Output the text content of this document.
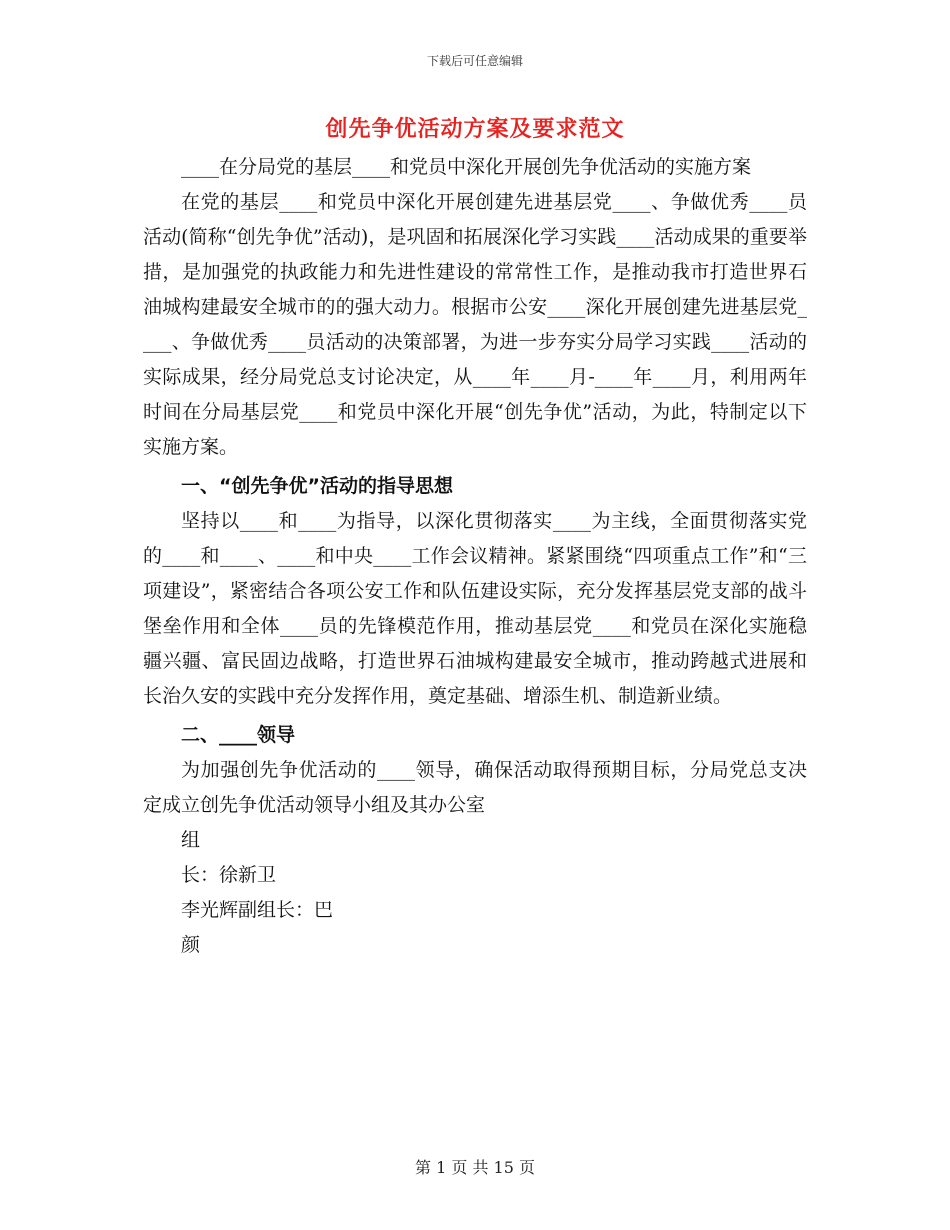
下载后可任意编辑
创先争优活动方案及要求范文

____在分局党的基层____和党员中深化开展创先争优活动的实施方案

在党的基层____和党员中深化开展创建先进基层党____、争做优秀____员活动(简称“创先争优”活动)，是巩固和拓展深化学习实践____活动成果的重要举措，是加强党的执政能力和先进性建设的常常性工作，是推动我市打造世界石油城构建最安全城市的的强大动力。根据市公安____深化开展创建先进基层党____、争做优秀____员活动的决策部署，为进一步夯实分局学习实践____活动的实际成果，经分局党总支讨论决定，从____年____月-____年____月，利用两年时间在分局基层党____和党员中深化开展“创先争优”活动，为此，特制定以下实施方案。

一、“创先争优”活动的指导思想

坚持以____和____为指导，以深化贯彻落实____为主线，全面贯彻落实党的____和____、____和中央____工作会议精神。紧紧围绕“四项重点工作”和“三项建设”，紧密结合各项公安工作和队伍建设实际，充分发挥基层党支部的战斗堡垒作用和全体____员的先锋模范作用，推动基层党____和党员在深化实施稳疆兴疆、富民固边战略，打造世界石油城构建最安全城市，推动跨越式进展和长治久安的实践中充分发挥作用，奠定基础、增添生机、制造新业绩。

二、____领导

为加强创先争优活动的____领导，确保活动取得预期目标，分局党总支决定成立创先争优活动领导小组及其办公室

组

长：徐新卫

李光辉副组长：巴

颜

第 1 页 共 15 页
